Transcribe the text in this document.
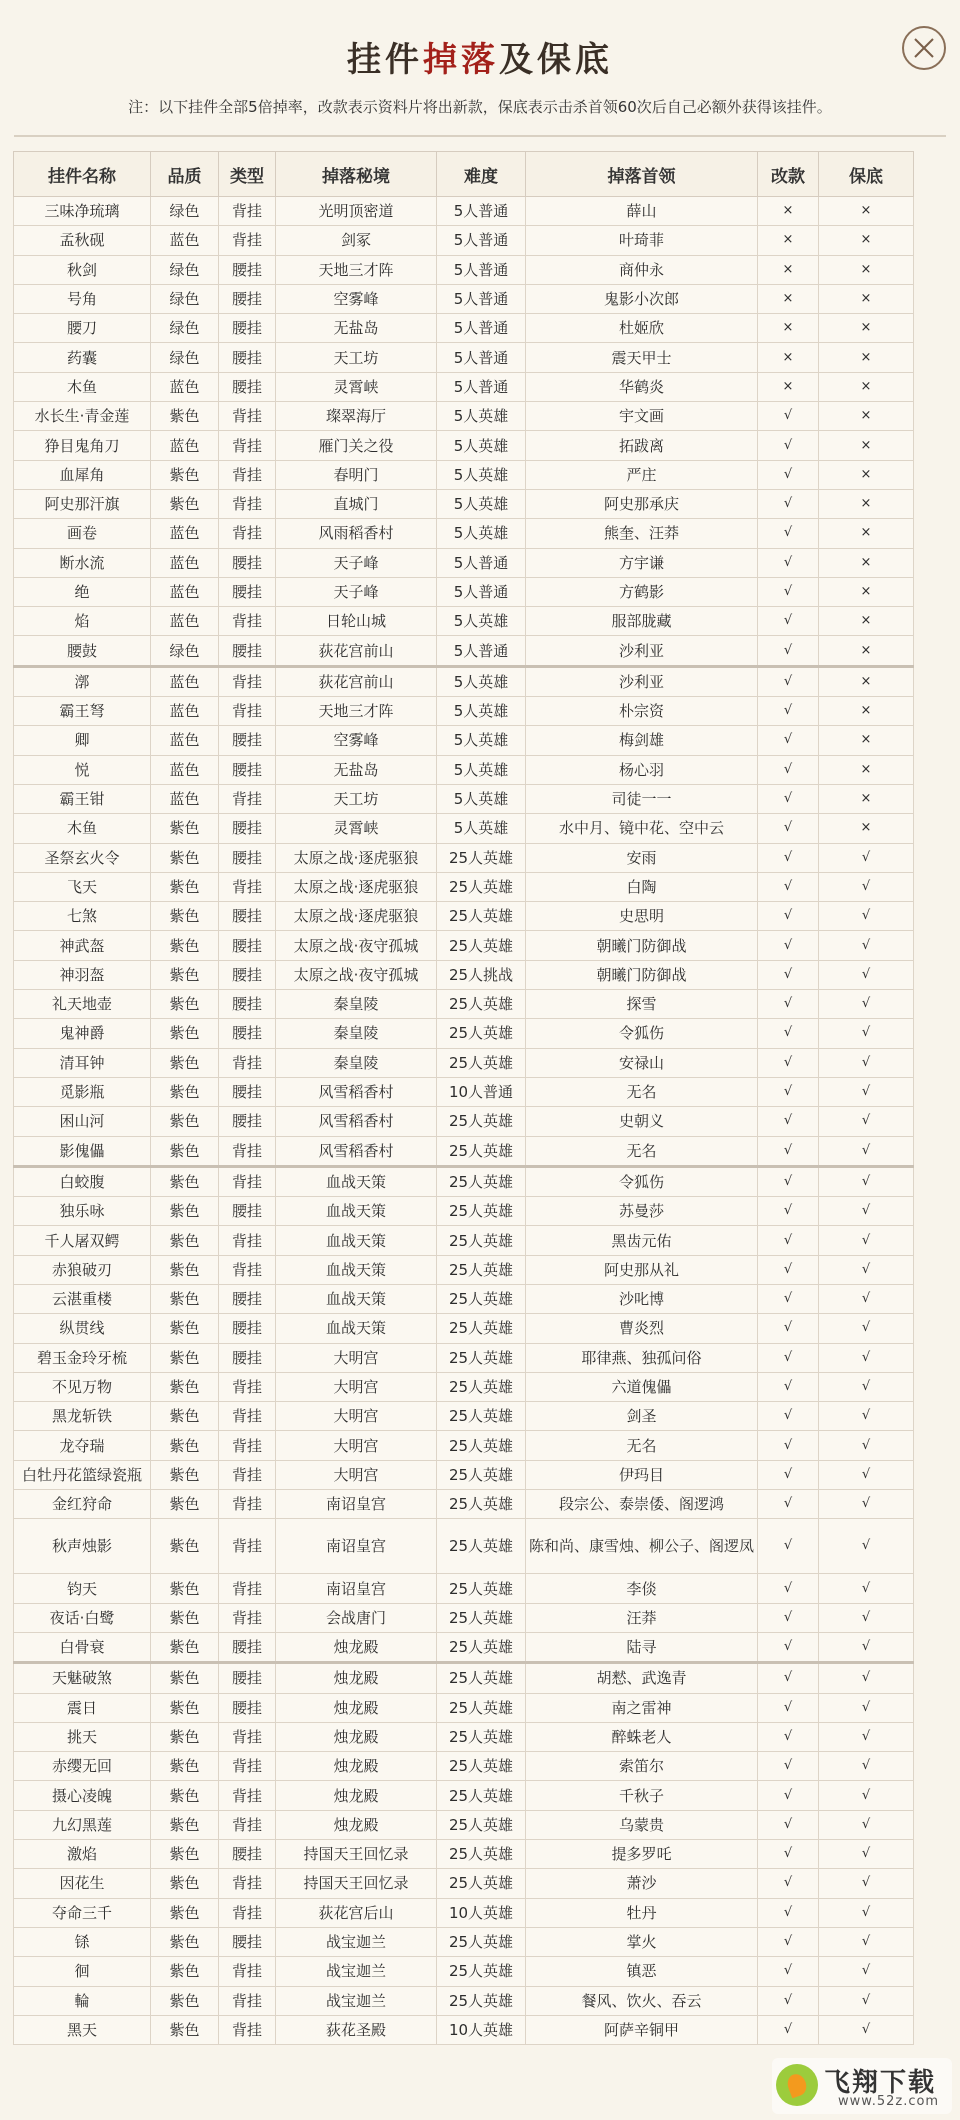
挂件掉落及保底
注：以下挂件全部5倍掉率，改款表示资料片将出新款，保底表示击杀首领60次后自己必额外获得该挂件。
挂件名称	品质	类型	掉落秘境	难度	掉落首领	改款	保底
三味净琉璃	绿色	背挂	光明顶密道	5人普通	薛山	×	×
孟秋砚	蓝色	背挂	剑冢	5人普通	叶琦菲	×	×
秋剑	绿色	腰挂	天地三才阵	5人普通	商仲永	×	×
号角	绿色	腰挂	空雾峰	5人普通	鬼影小次郎	×	×
腰刀	绿色	腰挂	无盐岛	5人普通	杜姬欣	×	×
药囊	绿色	腰挂	天工坊	5人普通	震天甲士	×	×
木鱼	蓝色	腰挂	灵霄峡	5人普通	华鹤炎	×	×
水长生·青金莲	紫色	背挂	璨翠海厅	5人英雄	宇文画	√	×
狰目鬼角刀	蓝色	背挂	雁门关之役	5人英雄	拓跋离	√	×
血犀角	紫色	背挂	春明门	5人英雄	严庄	√	×
阿史那汗旗	紫色	背挂	直城门	5人英雄	阿史那承庆	√	×
画卷	蓝色	背挂	风雨稻香村	5人英雄	熊奎、汪莽	√	×
断水流	蓝色	腰挂	天子峰	5人普通	方宇谦	√	×
绝	蓝色	腰挂	天子峰	5人普通	方鹤影	√	×
焰	蓝色	背挂	日轮山城	5人英雄	服部胧藏	√	×
腰鼓	绿色	腰挂	荻花宫前山	5人普通	沙利亚	√	×
漷	蓝色	背挂	荻花宫前山	5人英雄	沙利亚	√	×
霸王弩	蓝色	背挂	天地三才阵	5人英雄	朴宗资	√	×
卿	蓝色	腰挂	空雾峰	5人英雄	梅剑雄	√	×
悦	蓝色	腰挂	无盐岛	5人英雄	杨心羽	√	×
霸王钳	蓝色	背挂	天工坊	5人英雄	司徒一一	√	×
木鱼	紫色	腰挂	灵霄峡	5人英雄	水中月、镜中花、空中云	√	×
圣祭玄火令	紫色	腰挂	太原之战·逐虎驱狼	25人英雄	安雨	√	√
飞天	紫色	背挂	太原之战·逐虎驱狼	25人英雄	白陶	√	√
七煞	紫色	腰挂	太原之战·逐虎驱狼	25人英雄	史思明	√	√
神武盔	紫色	腰挂	太原之战·夜守孤城	25人英雄	朝曦门防御战	√	√
神羽盔	紫色	腰挂	太原之战·夜守孤城	25人挑战	朝曦门防御战	√	√
礼天地壶	紫色	腰挂	秦皇陵	25人英雄	探雪	√	√
鬼神爵	紫色	腰挂	秦皇陵	25人英雄	令狐伤	√	√
清耳钟	紫色	背挂	秦皇陵	25人英雄	安禄山	√	√
觅影瓶	紫色	腰挂	风雪稻香村	10人普通	无名	√	√
困山河	紫色	腰挂	风雪稻香村	25人英雄	史朝义	√	√
影傀儡	紫色	背挂	风雪稻香村	25人英雄	无名	√	√
白蛟腹	紫色	背挂	血战天策	25人英雄	令狐伤	√	√
独乐咏	紫色	腰挂	血战天策	25人英雄	苏曼莎	√	√
千人屠双鳄	紫色	背挂	血战天策	25人英雄	黑齿元佑	√	√
赤狼破刃	紫色	背挂	血战天策	25人英雄	阿史那从礼	√	√
云湛重楼	紫色	腰挂	血战天策	25人英雄	沙叱博	√	√
纵贯线	紫色	腰挂	血战天策	25人英雄	曹炎烈	√	√
碧玉金玲牙梳	紫色	腰挂	大明宫	25人英雄	耶律燕、独孤问俗	√	√
不见万物	紫色	背挂	大明宫	25人英雄	六道傀儡	√	√
黑龙斩铁	紫色	背挂	大明宫	25人英雄	剑圣	√	√
龙夺瑞	紫色	背挂	大明宫	25人英雄	无名	√	√
白牡丹花篮绿瓷瓶	紫色	背挂	大明宫	25人英雄	伊玛目	√	√
金红狩命	紫色	背挂	南诏皇宫	25人英雄	段宗公、泰崇倭、阁逻鸿	√	√
秋声烛影	紫色	背挂	南诏皇宫	25人英雄	陈和尚、康雪烛、柳公子、阁逻凤	√	√
钧天	紫色	背挂	南诏皇宫	25人英雄	李倓	√	√
夜话·白鹭	紫色	背挂	会战唐门	25人英雄	汪莽	√	√
白骨衰	紫色	腰挂	烛龙殿	25人英雄	陆寻	√	√
天魅破煞	紫色	腰挂	烛龙殿	25人英雄	胡慭、武逸青	√	√
震日	紫色	腰挂	烛龙殿	25人英雄	南之雷神	√	√
挑天	紫色	背挂	烛龙殿	25人英雄	醉蛛老人	√	√
赤缨无回	紫色	背挂	烛龙殿	25人英雄	索笛尔	√	√
摄心凌魄	紫色	背挂	烛龙殿	25人英雄	千秋子	√	√
九幻黑莲	紫色	背挂	烛龙殿	25人英雄	乌蒙贵	√	√
激焰	紫色	腰挂	持国天王回忆录	25人英雄	提多罗吒	√	√
因花生	紫色	背挂	持国天王回忆录	25人英雄	萧沙	√	√
夺命三千	紫色	背挂	荻花宫后山	10人英雄	牡丹	√	√
铩	紫色	腰挂	战宝迦兰	25人英雄	掌火	√	√
徊	紫色	背挂	战宝迦兰	25人英雄	镇恶	√	√
輪	紫色	背挂	战宝迦兰	25人英雄	餐风、饮火、吞云	√	√
黑天	紫色	背挂	荻花圣殿	10人英雄	阿萨辛铜甲	√	√
飞翔下载
www.52z.com
